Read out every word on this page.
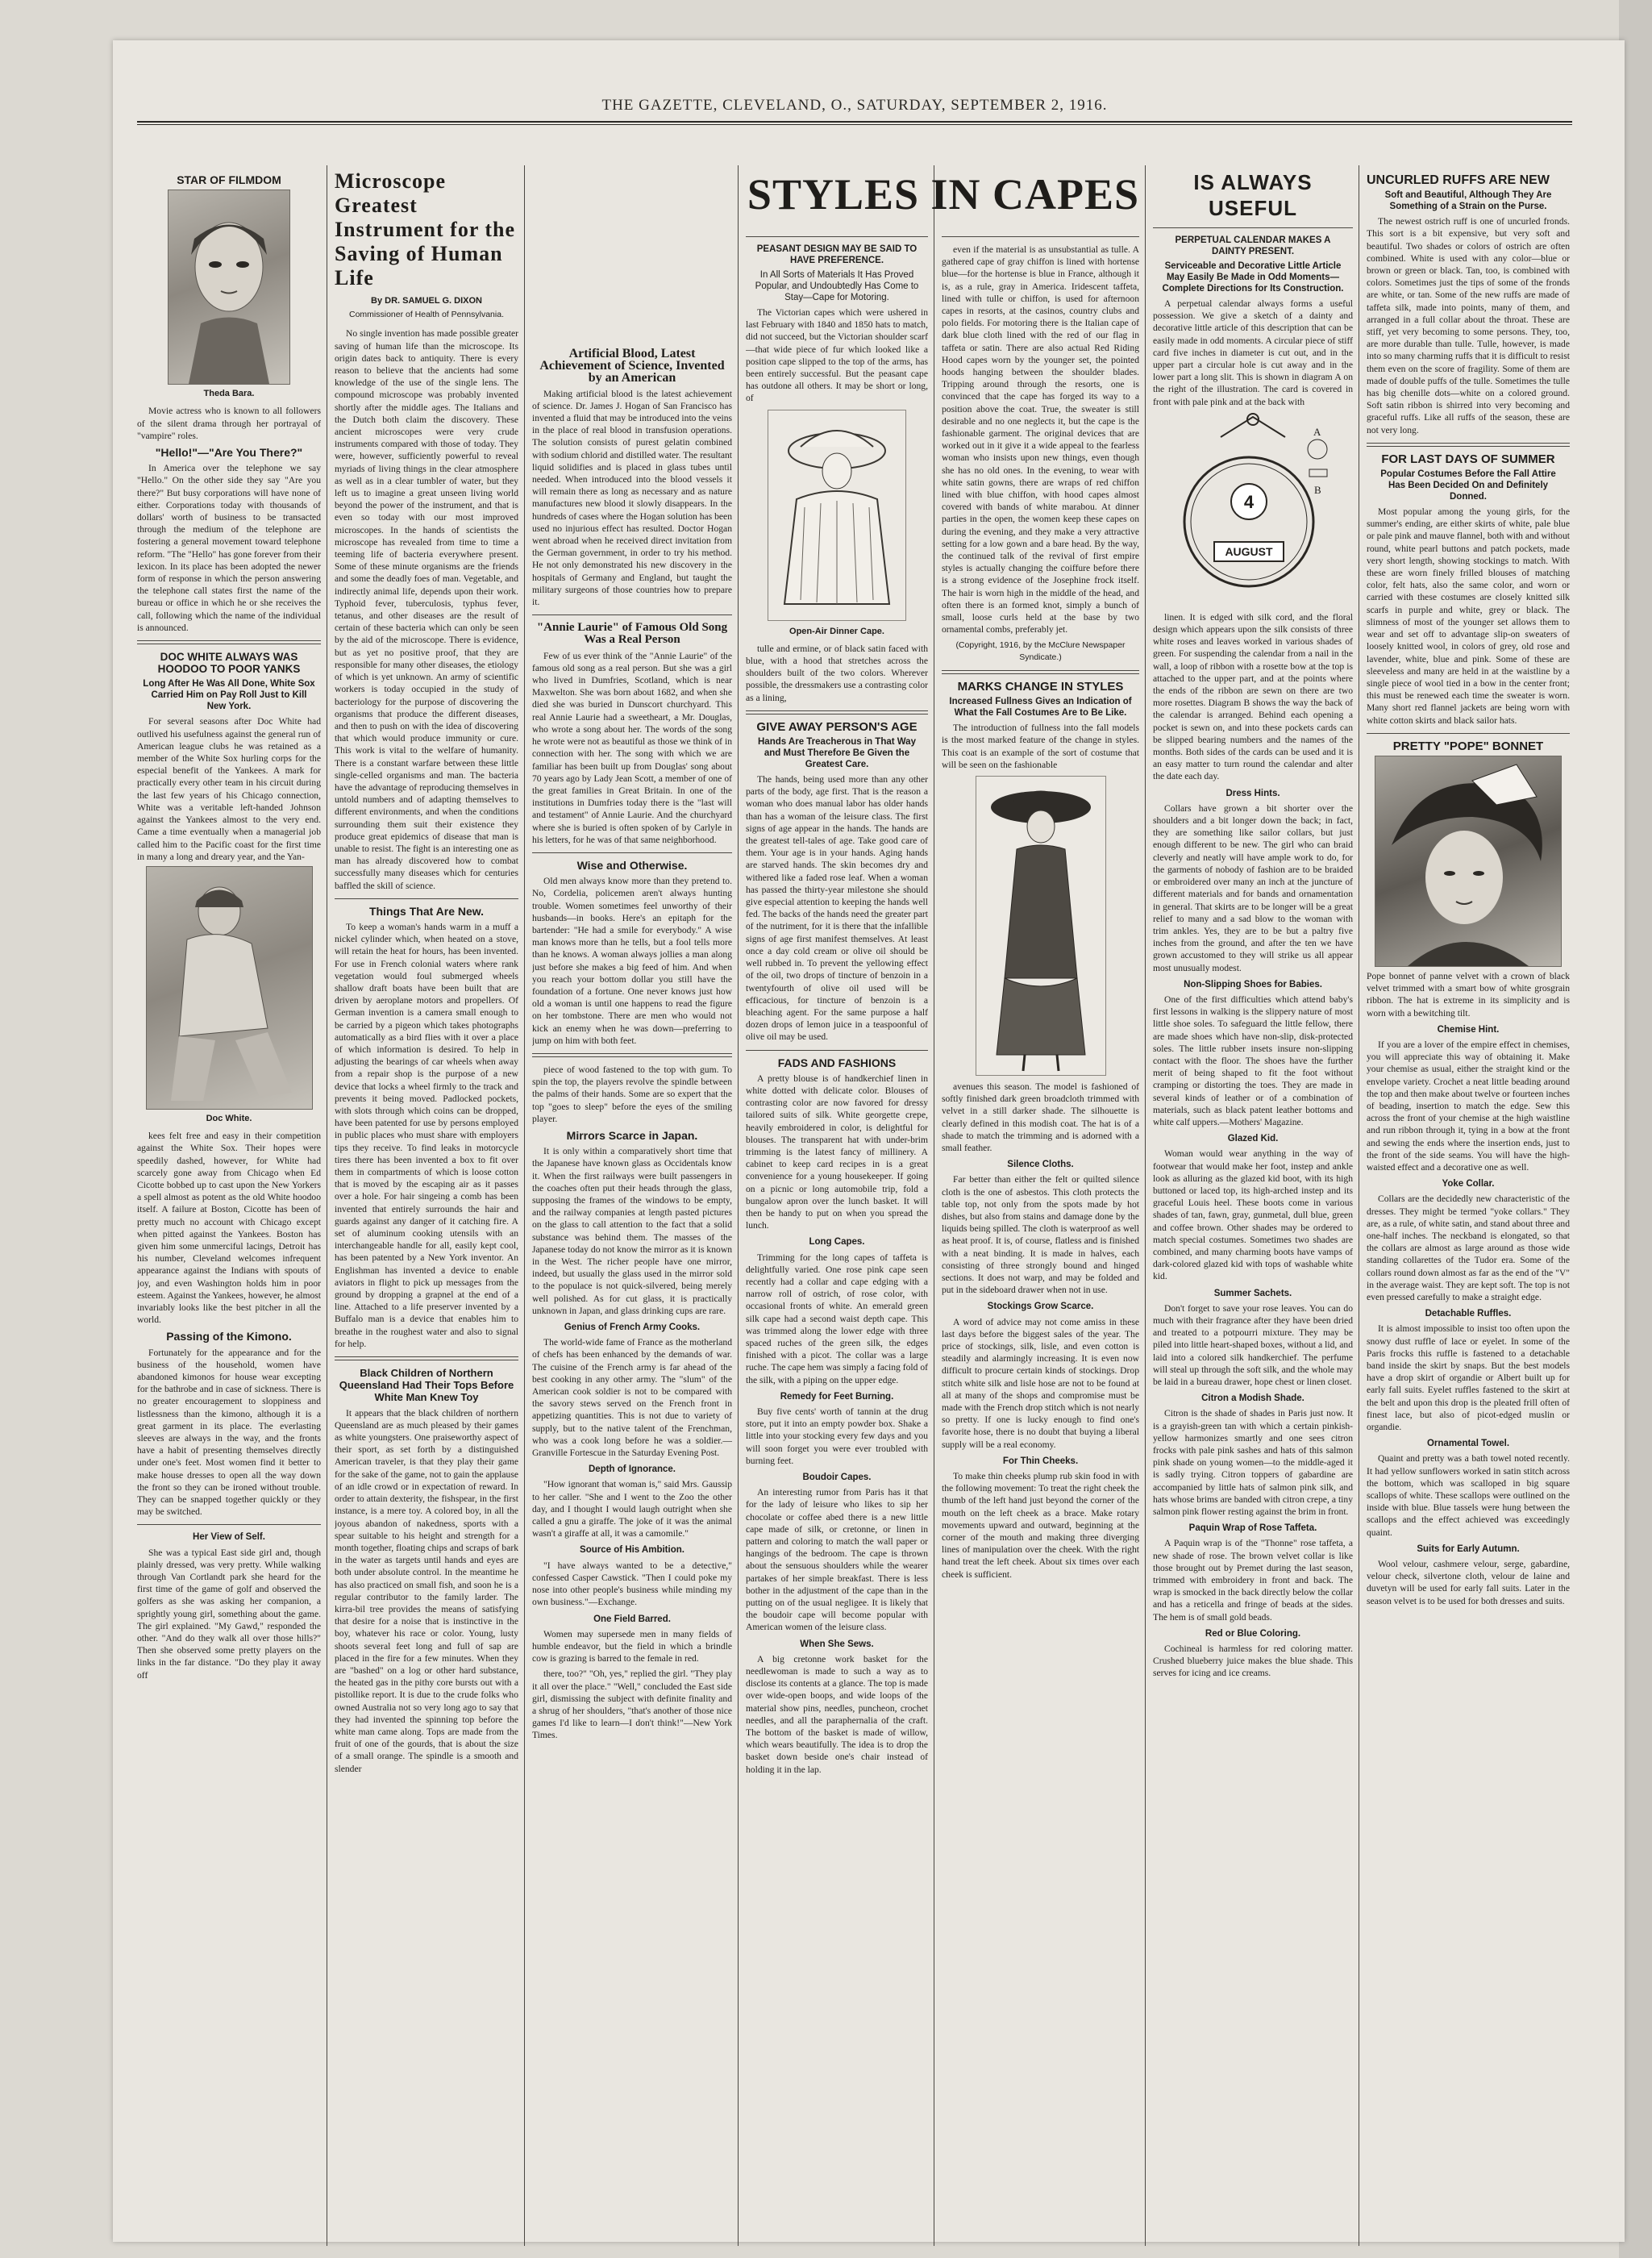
THE GAZETTE, CLEVELAND, O., SATURDAY, SEPTEMBER 2, 1916.
STAR OF FILMDOM
Theda Bara.

Movie actress who is known to all followers of the silent drama through her portrayal of "vampire" roles.

"Hello!"—"Are You There?"

In America over the telephone we say "Hello." On the other side they say "Are you there?" But busy corporations will have none of either. Corporations today with thousands of dollars' worth of business to be transacted through the medium of the telephone are fostering a general movement toward telephone reform. "The "Hello" has gone forever from their lexicon. In its place has been adopted the newer form of response in which the person answering the telephone call states first the name of the bureau or office in which he or she receives the call, following which the name of the individual is announced.

DOC WHITE ALWAYS WAS HOODOO TO POOR YANKS
Long After He Was All Done, White Sox Carried Him on Pay Roll Just to Kill New York.

For several seasons after Doc White had outlived his usefulness against the general run of American league clubs he was retained as a member of the White Sox hurling corps for the especial benefit of the Yankees. A mark for practically every other team in his circuit during the last few years of his Chicago connection, White was a veritable left-handed Johnson against the Yankees almost to the very end. Came a time eventually when a managerial job called him to the Pacific coast for the first time in many a long and dreary year, and the Yan-

Doc White.

kees felt free and easy in their competition against the White Sox. Their hopes were speedily dashed, however, for White had scarcely gone away from Chicago when Ed Cicotte bobbed up to cast upon the New Yorkers a spell almost as potent as the old White hoodoo itself. A failure at Boston, Cicotte has been of pretty much no account with Chicago except when pitted against the Yankees. Boston has given him some unmerciful lacings, Detroit has his number, Cleveland welcomes infrequent appearance against the Indians with spouts of joy, and even Washington holds him in poor esteem. Against the Yankees, however, he almost invariably looks like the best pitcher in all the world.

Passing of the Kimono.

Fortunately for the appearance and for the business of the household, women have abandoned kimonos for house wear excepting for the bathrobe and in case of sickness. There is no greater encouragement to sloppiness and listlessness than the kimono, although it is a great garment in its place. The everlasting sleeves are always in the way, and the fronts have a habit of presenting themselves directly under one's feet. Most women find it better to make house dresses to open all the way down the front so they can be ironed without trouble. They can be snapped together quickly or they may be switched.

Her View of Self.

She was a typical East side girl and, though plainly dressed, was very pretty. While walking through Van Cortlandt park she heard for the first time of the game of golf and observed the golfers as she was asking her companion, a sprightly young girl, something about the game. The girl explained. "My Gawd," responded the other. "And do they walk all over those hills?" Then she observed some pretty players on the links in the far distance. "Do they play it away off

Microscope Greatest Instrument for the Saving of Human Life
By DR. SAMUEL G. DIXON
Commissioner of Health of Pennsylvania.

No single invention has made possible greater saving of human life than the microscope. Its origin dates back to antiquity. There is every reason to believe that the ancients had some knowledge of the use of the single lens. The compound microscope was probably invented shortly after the middle ages. The Italians and the Dutch both claim the discovery. These ancient microscopes were very crude instruments compared with those of today. They were, however, sufficiently powerful to reveal myriads of living things in the clear atmosphere as well as in a clear tumbler of water, but they left us to imagine a great unseen living world beyond the power of the instrument, and that is even so today with our most improved microscopes. In the hands of scientists the microscope has revealed from time to time a teeming life of bacteria everywhere present. Some of these minute organisms are the friends and some the deadly foes of man. Vegetable, and indirectly animal life, depends upon their work. Typhoid fever, tuberculosis, typhus fever, tetanus, and other diseases are the result of certain of these bacteria which can only be seen by the aid of the microscope. There is evidence, but as yet no positive proof, that they are responsible for many other diseases, the etiology of which is yet unknown. An army of scientific workers is today occupied in the study of bacteriology for the purpose of discovering the organisms that produce the different diseases, and then to push on with the idea of discovering that which would produce immunity or cure. This work is vital to the welfare of humanity. There is a constant warfare between these little single-celled organisms and man. The bacteria have the advantage of reproducing themselves in untold numbers and of adapting themselves to different environments, and when the conditions surrounding them suit their existence they produce great epidemics of disease that man is unable to resist. The fight is an interesting one as man has already discovered how to combat successfully many diseases which for centuries baffled the skill of science.

Things That Are New.

To keep a woman's hands warm in a muff a nickel cylinder which, when heated on a stove, will retain the heat for hours, has been invented. For use in French colonial waters where rank vegetation would foul submerged wheels shallow draft boats have been built that are driven by aeroplane motors and propellers. Of German invention is a camera small enough to be carried by a pigeon which takes photographs automatically as a bird flies with it over a place of which information is desired. To help in adjusting the bearings of car wheels when away from a repair shop is the purpose of a new device that locks a wheel firmly to the track and prevents it being moved. Padlocked pockets, with slots through which coins can be dropped, have been patented for use by persons employed in public places who must share with employers tips they receive. To find leaks in motorcycle tires there has been invented a box to fit over them in compartments of which is loose cotton that is moved by the escaping air as it passes over a hole. For hair singeing a comb has been invented that entirely surrounds the hair and guards against any danger of it catching fire. A set of aluminum cooking utensils with an interchangeable handle for all, easily kept cool, has been patented by a New York inventor. An Englishman has invented a device to enable aviators in flight to pick up messages from the ground by dropping a grapnel at the end of a line. Attached to a life preserver invented by a Buffalo man is a device that enables him to breathe in the roughest water and also to signal for help.

Black Children of Northern Queensland Had Their Tops Before White Man Knew Toy

It appears that the black children of northern Queensland are as much pleased by their games as white youngsters. One praiseworthy aspect of their sport, as set forth by a distinguished American traveler, is that they play their game for the sake of the game, not to gain the applause of an idle crowd or in expectation of reward. In order to attain dexterity, the fishspear, in the first instance, is a mere toy. A colored boy, in all the joyous abandon of nakedness, sports with a spear suitable to his height and strength for a month together, floating chips and scraps of bark in the water as targets until hands and eyes are both under absolute control. In the meantime he has also practiced on small fish, and soon he is a regular contributor to the family larder. The kirra-bil tree provides the means of satisfying that desire for a noise that is instinctive in the boy, whatever his race or color. Young, lusty shoots several feet long and full of sap are placed in the fire for a few minutes. When they are "bashed" on a log or other hard substance, the heated gas in the pithy core bursts out with a pistollike report. It is due to the crude folks who owned Australia not so very long ago to say that they had invented the spinning top before the white man came along. Tops are made from the fruit of one of the gourds, that is about the size of a small orange. The spindle is a smooth and slender

Artificial Blood, Latest Achievement of Science, Invented by an American

Making artificial blood is the latest achievement of science. Dr. James J. Hogan of San Francisco has invented a fluid that may be introduced into the veins in the place of real blood in transfusion operations. The solution consists of purest gelatin combined with sodium chlorid and distilled water. The resultant liquid solidifies and is placed in glass tubes until needed. When introduced into the blood vessels it will remain there as long as necessary and as nature manufactures new blood it slowly disappears. In the hundreds of cases where the Hogan solution has been used no injurious effect has resulted. Doctor Hogan went abroad when he received direct invitation from the German government, in order to try his method. He not only demonstrated his new discovery in the hospitals of Germany and England, but taught the military surgeons of those countries how to prepare it.

"Annie Laurie" of Famous Old Song Was a Real Person

Few of us ever think of the "Annie Laurie" of the famous old song as a real person. But she was a girl who lived in Dumfries, Scotland, which is near Maxwelton. She was born about 1682, and when she died she was buried in Dunscort churchyard. This real Annie Laurie had a sweetheart, a Mr. Douglas, who wrote a song about her. The words of the song he wrote were not as beautiful as those we think of in connection with her. The song with which we are familiar has been built up from Douglas' song about 70 years ago by Lady Jean Scott, a member of one of the great families in Great Britain. In one of the institutions in Dumfries today there is the "last will and testament" of Annie Laurie. And the churchyard where she is buried is often spoken of by Carlyle in his letters, for he was of that same neighborhood.

Wise and Otherwise.

Old men always know more than they pretend to. No, Cordelia, policemen aren't always hunting trouble. Women sometimes feel unworthy of their husbands—in books. Here's an epitaph for the bartender: "He had a smile for everybody." A wise man knows more than he tells, but a fool tells more than he knows. A woman always jollies a man along just before she makes a big feed of him. And when you reach your bottom dollar you still have the foundation of a fortune. One never knows just how old a woman is until one happens to read the figure on her tombstone. There are men who would not kick an enemy when he was down—preferring to jump on him with both feet.

piece of wood fastened to the top with gum. To spin the top, the players revolve the spindle between the palms of their hands. Some are so expert that the top "goes to sleep" before the eyes of the smiling player.

Mirrors Scarce in Japan.

It is only within a comparatively short time that the Japanese have known glass as Occidentals know it. When the first railways were built passengers in the coaches often put their heads through the glass, supposing the frames of the windows to be empty, and the railway companies at length pasted pictures on the glass to call attention to the fact that a solid substance was behind them. The masses of the Japanese today do not know the mirror as it is known in the West. The richer people have one mirror, indeed, but usually the glass used in the mirror sold to the populace is not quick-silvered, being merely well polished. As for cut glass, it is practically unknown in Japan, and glass drinking cups are rare.

Genius of French Army Cooks.

The world-wide fame of France as the motherland of chefs has been enhanced by the demands of war. The cuisine of the French army is far ahead of the best cooking in any other army. The "slum" of the American cook soldier is not to be compared with the savory stews served on the French front in appetizing quantities. This is not due to variety of supply, but to the native talent of the Frenchman, who was a cook long before he was a soldier.—Granville Fortescue in the Saturday Evening Post.

Depth of Ignorance.

"How ignorant that woman is," said Mrs. Gaussip to her caller. "She and I went to the Zoo the other day, and I thought I would laugh outright when she called a gnu a giraffe. The joke of it was the animal wasn't a giraffe at all, it was a camomile."

Source of His Ambition.

"I have always wanted to be a detective," confessed Casper Cawstick. "Then I could poke my nose into other people's business while minding my own business."—Exchange.

One Field Barred.

Women may supersede men in many fields of humble endeavor, but the field in which a brindle cow is grazing is barred to the female in red.

there, too?" "Oh, yes," replied the girl. "They play it all over the place." "Well," concluded the East side girl, dismissing the subject with definite finality and a shrug of her shoulders, "that's another of those nice games I'd like to learn—I don't think!"—New York Times.

STYLES IN CAPES
PEASANT DESIGN MAY BE SAID TO HAVE PREFERENCE.
In All Sorts of Materials It Has Proved Popular, and Undoubtedly Has Come to Stay—Cape for Motoring.

The Victorian capes which were ushered in last February with 1840 and 1850 hats to match, did not succeed, but the Victorian shoulder scarf —that wide piece of fur which looked like a position cape slipped to the top of the arms, has been entirely successful. But the peasant cape has outdone all others. It may be short or long, of

Open-Air Dinner Cape.

tulle and ermine, or of black satin faced with blue, with a hood that stretches across the shoulders built of the two colors. Wherever possible, the dressmakers use a contrasting color as a lining,

GIVE AWAY PERSON'S AGE
Hands Are Treacherous in That Way and Must Therefore Be Given the Greatest Care.

The hands, being used more than any other parts of the body, age first. That is the reason a woman who does manual labor has older hands than has a woman of the leisure class. The first signs of age appear in the hands. The hands are the greatest tell-tales of age. Take good care of them. Your age is in your hands. Aging hands are starved hands. The skin becomes dry and withered like a faded rose leaf. When a woman has passed the thirty-year milestone she should give especial attention to keeping the hands well fed. The backs of the hands need the greater part of the nutriment, for it is there that the infallible signs of age first manifest themselves. At least once a day cold cream or olive oil should be well rubbed in. To prevent the yellowing effect of the oil, two drops of tincture of benzoin in a twentyfourth of olive oil used will be efficacious, for tincture of benzoin is a bleaching agent. For the same purpose a half dozen drops of lemon juice in a teaspoonful of olive oil may be used.

FADS AND FASHIONS

A pretty blouse is of handkerchief linen in white dotted with delicate color. Blouses of contrasting color are now favored for dressy tailored suits of silk. White georgette crepe, heavily embroidered in color, is delightful for blouses. The transparent hat with under-brim trimming is the latest fancy of millinery. A cabinet to keep card recipes in is a great convenience for a young housekeeper. If going on a picnic or long automobile trip, fold a bungalow apron over the lunch basket. It will then be handy to put on when you spread the lunch.

Long Capes.

Trimming for the long capes of taffeta is delightfully varied. One rose pink cape seen recently had a collar and cape edging with a narrow roll of ostrich, of rose color, with occasional fronts of white. An emerald green silk cape had a second waist depth cape. This was trimmed along the lower edge with three spaced ruches of the green silk, the edges finished with a picot. The collar was a large ruche. The cape hem was simply a facing fold of the silk, with a piping on the upper edge.

Remedy for Feet Burning.

Buy five cents' worth of tannin at the drug store, put it into an empty powder box. Shake a little into your stocking every few days and you will soon forget you were ever troubled with burning feet.

Boudoir Capes.

An interesting rumor from Paris has it that for the lady of leisure who likes to sip her chocolate or coffee abed there is a new little cape made of silk, or cretonne, or linen in pattern and coloring to match the wall paper or hangings of the bedroom. The cape is thrown about the sensuous shoulders while the wearer partakes of her simple breakfast. There is less bother in the adjustment of the cape than in the putting on of the usual negligee. It is likely that the boudoir cape will become popular with American women of the leisure class.

When She Sews.

A big cretonne work basket for the needlewoman is made to such a way as to disclose its contents at a glance. The top is made over wide-open boops, and wide loops of the material show pins, needles, puncheon, crochet needles, and all the paraphernalia of the craft. The bottom of the basket is made of willow, which wears beautifully. The idea is to drop the basket down beside one's chair instead of holding it in the lap.

even if the material is as unsubstantial as tulle. A gathered cape of gray chiffon is lined with hortense blue—for the hortense is blue in France, although it is, as a rule, gray in America. Iridescent taffeta, lined with tulle or chiffon, is used for afternoon capes in resorts, at the casinos, country clubs and polo fields. For motoring there is the Italian cape of dark blue cloth lined with the red of our flag in taffeta or satin. There are also actual Red Riding Hood capes worn by the younger set, the pointed hoods hanging between the shoulder blades. Tripping around through the resorts, one is convinced that the cape has forged its way to a position above the coat. True, the sweater is still desirable and no one neglects it, but the cape is the fashionable garment. The original devices that are worked out in it give it a wide appeal to the fearless woman who insists upon new things, even though she has no old ones. In the evening, to wear with white satin gowns, there are wraps of red chiffon lined with blue chiffon, with hood capes almost covered with bands of white marabou. At dinner parties in the open, the women keep these capes on during the evening, and they make a very attractive setting for a low gown and a bare head. By the way, the continued talk of the revival of first empire styles is actually changing the coiffure before there is a strong evidence of the Josephine frock itself. The hair is worn high in the middle of the head, and often there is an formed knot, simply a bunch of small, loose curls held at the base by two ornamental combs, preferably jet.

(Copyright, 1916, by the McClure Newspaper Syndicate.)
MARKS CHANGE IN STYLES
Increased Fullness Gives an Indication of What the Fall Costumes Are to Be Like.

The introduction of fullness into the fall models is the most marked feature of the change in styles. This coat is an example of the sort of costume that will be seen on the fashionable

avenues this season. The model is fashioned of softly finished dark green broadcloth trimmed with velvet in a still darker shade. The silhouette is clearly defined in this modish coat. The hat is of a shade to match the trimming and is adorned with a small feather.

Silence Cloths.

Far better than either the felt or quilted silence cloth is the one of asbestos. This cloth protects the table top, not only from the spots made by hot dishes, but also from stains and damage done by the liquids being spilled. The cloth is waterproof as well as heat proof. It is, of course, flatless and is finished with a neat binding. It is made in halves, each consisting of three strongly bound and hinged sections. It does not warp, and may be folded and put in the sideboard drawer when not in use.

Stockings Grow Scarce.

A word of advice may not come amiss in these last days before the biggest sales of the year. The price of stockings, silk, lisle, and even cotton is steadily and alarmingly increasing. It is even now difficult to procure certain kinds of stockings. Drop stitch white silk and lisle hose are not to be found at all at many of the shops and compromise must be made with the French drop stitch which is not nearly so pretty. If one is lucky enough to find one's favorite hose, there is no doubt that buying a liberal supply will be a real economy.

For Thin Cheeks.

To make thin cheeks plump rub skin food in with the following movement: To treat the right cheek the thumb of the left hand just beyond the corner of the mouth on the left cheek as a brace. Make rotary movements upward and outward, beginning at the corner of the mouth and making three diverging lines of manipulation over the cheek. With the right hand treat the left cheek. About six times over each cheek is sufficient.

IS ALWAYS USEFUL
PERPETUAL CALENDAR MAKES A DAINTY PRESENT.
Serviceable and Decorative Little Article May Easily Be Made in Odd Moments—Complete Directions for Its Construction.

A perpetual calendar always forms a useful possession. We give a sketch of a dainty and decorative little article of this description that can be easily made in odd moments. A circular piece of stiff card five inches in diameter is cut out, and in the upper part a circular hole is cut away and in the lower part a long slit. This is shown in diagram A on the right of the illustration. The card is covered in front with pale pink and at the back with

4
AUGUST
A
B

linen. It is edged with silk cord, and the floral design which appears upon the silk consists of three white roses and leaves worked in various shades of green. For suspending the calendar from a nail in the wall, a loop of ribbon with a rosette bow at the top is attached to the upper part, and at the points where the ends of the ribbon are sewn on there are two more rosettes. Diagram B shows the way the back of the calendar is arranged. Behind each opening a pocket is sewn on, and into these pockets cards can be slipped bearing numbers and the names of the months. Both sides of the cards can be used and it is an easy matter to turn round the calendar and alter the date each day.

Dress Hints.

Collars have grown a bit shorter over the shoulders and a bit longer down the back; in fact, they are something like sailor collars, but just enough different to be new. The girl who can braid cleverly and neatly will have ample work to do, for the garments of nobody of fashion are to be braided or embroidered over many an inch at the juncture of different materials and for bands and ornamentation in general. That skirts are to be longer will be a great relief to many and a sad blow to the woman with trim ankles. Yes, they are to be but a paltry five inches from the ground, and after the ten we have grown accustomed to they will strike us all appear most unusually modest.

Non-Slipping Shoes for Babies.

One of the first difficulties which attend baby's first lessons in walking is the slippery nature of most little shoe soles. To safeguard the little fellow, there are made shoes which have non-slip, disk-protected soles. The little rubber insets insure non-slipping contact with the floor. The shoes have the further merit of being shaped to fit the foot without cramping or distorting the toes. They are made in several kinds of leather or of a combination of materials, such as black patent leather bottoms and white calf uppers.—Mothers' Magazine.

Glazed Kid.

Woman would wear anything in the way of footwear that would make her foot, instep and ankle look as alluring as the glazed kid boot, with its high buttoned or laced top, its high-arched instep and its graceful Louis heel. These boots come in various shades of tan, fawn, gray, gunmetal, dull blue, green and coffee brown. Other shades may be ordered to match special costumes. Sometimes two shades are combined, and many charming boots have vamps of dark-colored glazed kid with tops of washable white kid.

Summer Sachets.

Don't forget to save your rose leaves. You can do much with their fragrance after they have been dried and treated to a potpourri mixture. They may be piled into little heart-shaped boxes, without a lid, and laid into a colored silk handkerchief. The perfume will steal up through the soft silk, and the whole may be laid in a bureau drawer, hope chest or linen closet.

Citron a Modish Shade.

Citron is the shade of shades in Paris just now. It is a grayish-green tan with which a certain pinkish-yellow harmonizes smartly and one sees citron frocks with pale pink sashes and hats of this salmon pink shade on young women—to the middle-aged it is sadly trying. Citron toppers of gabardine are accompanied by little hats of salmon pink silk, and hats whose brims are banded with citron crepe, a tiny salmon pink flower resting against the brim in front.

Paquin Wrap of Rose Taffeta.

A Paquin wrap is of the "Thonne" rose taffeta, a new shade of rose. The brown velvet collar is like those brought out by Premet during the last season, trimmed with embroidery in front and back. The wrap is smocked in the back directly below the collar and has a reticella and fringe of beads at the sides. The hem is of small gold beads.

Red or Blue Coloring.

Cochineal is harmless for red coloring matter. Crushed blueberry juice makes the blue shade. This serves for icing and ice creams.

UNCURLED RUFFS ARE NEW
Soft and Beautiful, Although They Are Something of a Strain on the Purse.

The newest ostrich ruff is one of uncurled fronds. This sort is a bit expensive, but very soft and beautiful. Two shades or colors of ostrich are often combined. White is used with any color—blue or brown or green or black. Tan, too, is combined with colors. Sometimes just the tips of some of the fronds are white, or tan. Some of the new ruffs are made of taffeta silk, made into points, many of them, and arranged in a full collar about the throat. These are stiff, yet very becoming to some persons. They, too, are more durable than tulle. Tulle, however, is made into so many charming ruffs that it is difficult to resist them even on the score of fragility. Some of them are made of double puffs of the tulle. Sometimes the tulle has big chenille dots—white on a colored ground. Soft satin ribbon is shirred into very becoming and graceful ruffs. Like all ruffs of the season, these are not very long.

FOR LAST DAYS OF SUMMER
Popular Costumes Before the Fall Attire Has Been Decided On and Definitely Donned.

Most popular among the young girls, for the summer's ending, are either skirts of white, pale blue or pale pink and mauve flannel, both with and without round, white pearl buttons and patch pockets, made very short length, showing stockings to match. With these are worn finely frilled blouses of matching color, felt hats, also the same color, and worn or carried with these costumes are closely knitted silk scarfs in purple and white, grey or black. The slimness of most of the younger set allows them to wear and set off to advantage slip-on sweaters of loosely knitted wool, in colors of grey, old rose and lavender, white, blue and pink. Some of these are sleeveless and many are held in at the waistline by a single piece of wool tied in a bow in the center front; this must be renewed each time the sweater is worn. Many short red flannel jackets are being worn with white cotton skirts and black sailor hats.

PRETTY "POPE" BONNET

Pope bonnet of panne velvet with a crown of black velvet trimmed with a smart bow of white grosgrain ribbon. The hat is extreme in its simplicity and is worn with a bewitching tilt.

Chemise Hint.

If you are a lover of the empire effect in chemises, you will appreciate this way of obtaining it. Make your chemise as usual, either the straight kind or the envelope variety. Crochet a neat little beading around the top and then make about twelve or fourteen inches of beading, insertion to match the edge. Sew this across the front of your chemise at the high waistline and run ribbon through it, tying in a bow at the front and sewing the ends where the insertion ends, just to the front of the side seams. You will have the high-waisted effect and a decorative one as well.

Yoke Collar.

Collars are the decidedly new characteristic of the dresses. They might be termed "yoke collars." They are, as a rule, of white satin, and stand about three and one-half inches. The neckband is elongated, so that the collars are almost as large around as those wide standing collarettes of the Tudor era. Some of the collars round down almost as far as the end of the "V" in the average waist. They are kept soft. The top is not even pressed carefully to make a straight edge.

Detachable Ruffles.

It is almost impossible to insist too often upon the snowy dust ruffle of lace or eyelet. In some of the Paris frocks this ruffle is fastened to a detachable band inside the skirt by snaps. But the best models have a drop skirt of organdie or Albert built up for early fall suits. Eyelet ruffles fastened to the skirt at the belt and upon this drop is the pleated frill often of finest lace, but also of picot-edged muslin or organdie.

Ornamental Towel.

Quaint and pretty was a bath towel noted recently. It had yellow sunflowers worked in satin stitch across the bottom, which was scalloped in big square scallops of white. These scallops were outlined on the inside with blue. Blue tassels were hung between the scallops and the effect achieved was exceedingly quaint.

Suits for Early Autumn.

Wool velour, cashmere velour, serge, gabardine, velour check, silvertone cloth, velour de laine and duvetyn will be used for early fall suits. Later in the season velvet is to be used for both dresses and suits.
